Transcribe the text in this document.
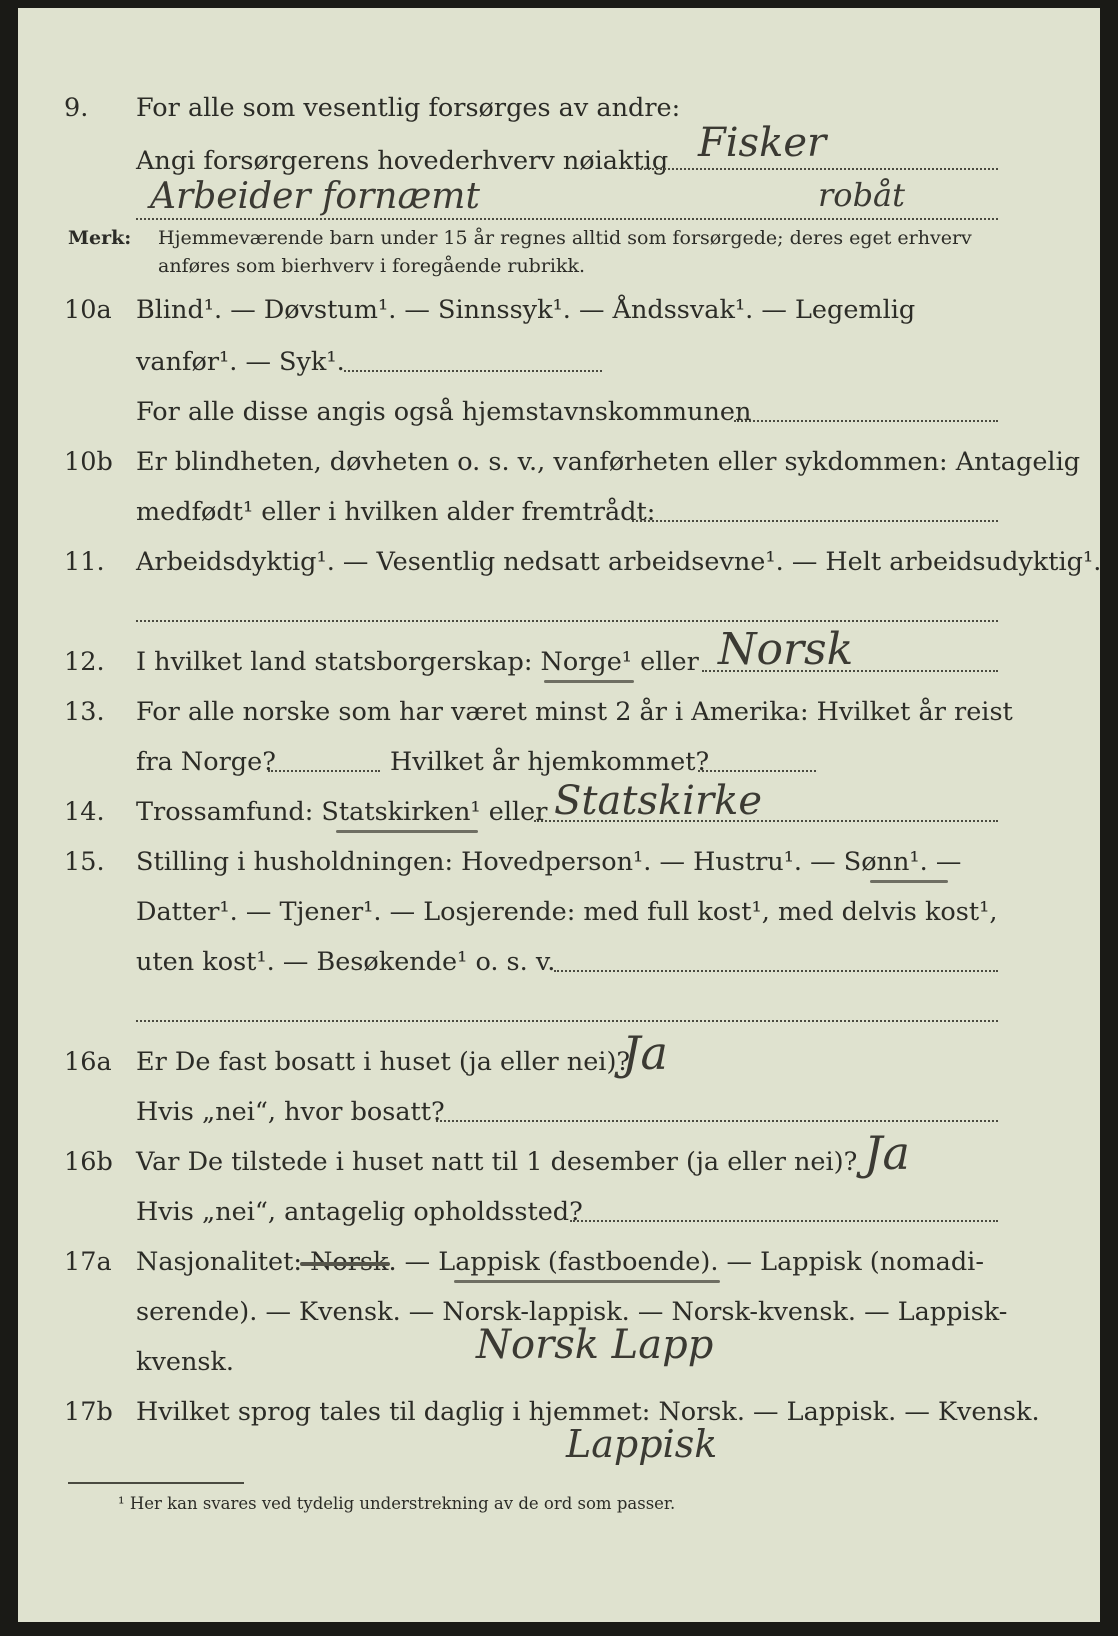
9.	For alle som vesentlig forsørges av andre:
Angi forsørgerens hovederhverv nøiaktig Fisker
Arbeider fornæmt	robåt
Merk: Hjemmeværende barn under 15 år regnes alltid som forsørgede; deres eget erhverv
anføres som bierhverv i foregående rubrikk.
10a Blind¹. — Døvstum¹. — Sinnssyk¹. — Åndssvak¹. — Legemlig
vanfør¹. — Syk¹.
For alle disse angis også hjemstavnskommunen
10b Er blindheten, døvheten o. s. v., vanførheten eller sykdommen: Antagelig
medfødt¹ eller i hvilken alder fremtrådt:
11.	Arbeidsdyktig¹. — Vesentlig nedsatt arbeidsevne¹. — Helt arbeidsudyktig¹.
12.	I hvilket land statsborgerskap: Norge¹ eller Norsk
13.	For alle norske som har været minst 2 år i Amerika: Hvilket år reist
fra Norge?	Hvilket år hjemkommet?
14.	Trossamfund: Statskirken¹ eller Statskirke
15.	Stilling i husholdningen: Hovedperson¹. — Hustru¹. — Sønn¹. —
Datter¹. — Tjener¹. — Losjerende: med full kost¹, med delvis kost¹,
uten kost¹. — Besøkende¹ o. s. v.
16a Er De fast bosatt i huset (ja eller nei)?
Ja
Hvis „nei“, hvor bosatt?
16b Var De tilstede i huset natt til 1 desember (ja eller nei)? Ja
Hvis „nei“, antagelig opholdssted?
17a Nasjonalitet: Norsk. — Lappisk (fastboende). — Lappisk (nomadi-
serende). — Kvensk. — Norsk-lappisk. — Norsk-kvensk. — Lappisk-
kvensk.	Norsk Lapp
17b Hvilket sprog tales til daglig i hjemmet: Norsk. — Lappisk. — Kvensk.
Lappisk
¹ Her kan svares ved tydelig understrekning av de ord som passer.
